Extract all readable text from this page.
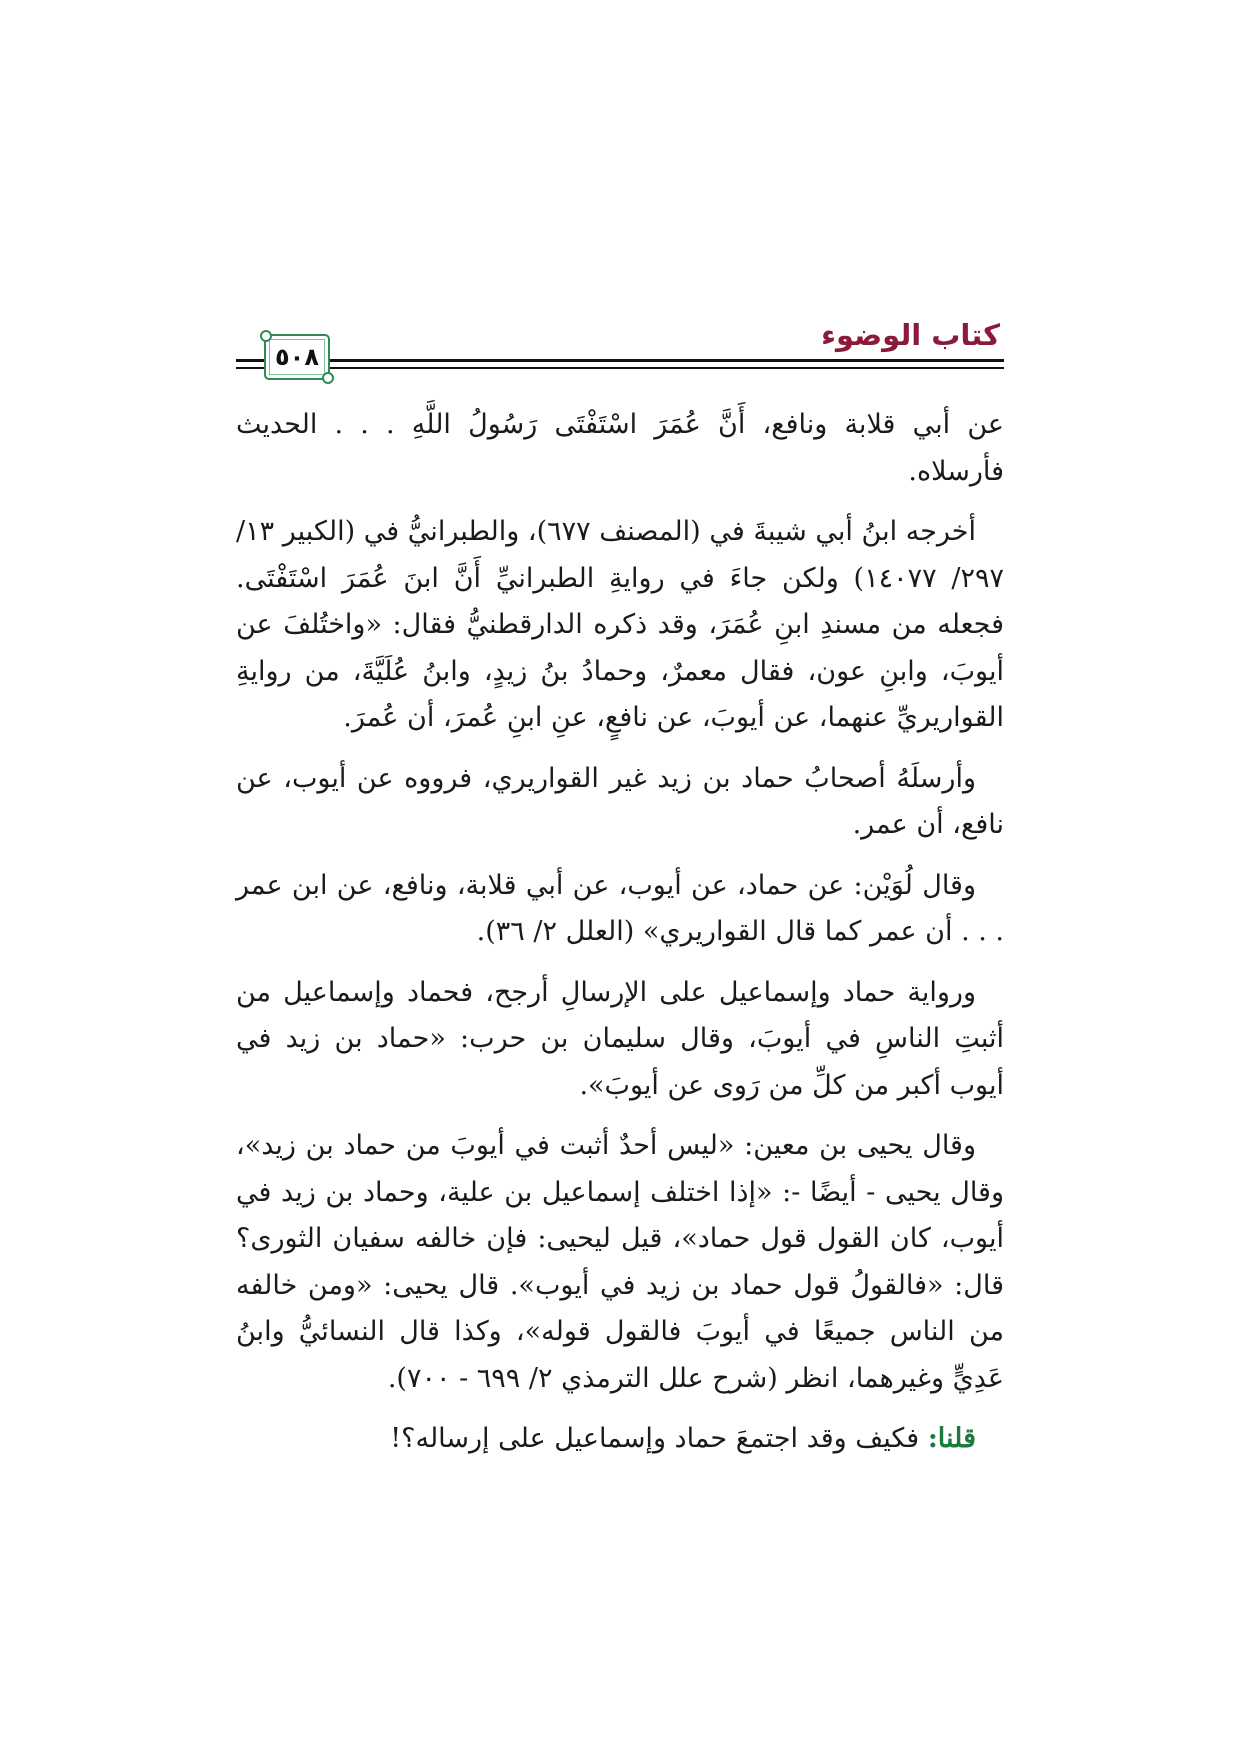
كتاب الوضوء
٥٠٨

عن أبي قلابة ونافع، أَنَّ عُمَرَ اسْتَفْتَى رَسُولُ اللَّهِ . . . الحديث فأرسلاه.

أخرجه ابنُ أبي شيبةَ في (المصنف ٦٧٧)، والطبرانيُّ في (الكبير ١٣/ ٢٩٧/ ١٤٠٧٧) ولكن جاءَ في روايةِ الطبرانيِّ أَنَّ ابنَ عُمَرَ اسْتَفْتَى. فجعله من مسندِ ابنِ عُمَرَ، وقد ذكره الدارقطنيُّ فقال: «واختُلفَ عن أيوبَ، وابنِ عون، فقال معمرٌ، وحمادُ بنُ زيدٍ، وابنُ عُلَيَّةَ، من روايةِ القواريريِّ عنهما، عن أيوبَ، عن نافعٍ، عنِ ابنِ عُمرَ، أن عُمرَ.

وأرسلَهُ أصحابُ حماد بن زيد غير القواريري، فرووه عن أيوب، عن نافع، أن عمر.

وقال لُوَيْن: عن حماد، عن أيوب، عن أبي قلابة، ونافع، عن ابن عمر . . . أن عمر كما قال القواريري» (العلل ٢/ ٣٦).

ورواية حماد وإسماعيل على الإرسالِ أرجح، فحماد وإسماعيل من أثبتِ الناسِ في أيوبَ، وقال سليمان بن حرب: «حماد بن زيد في أيوب أكبر من كلِّ من رَوى عن أيوبَ».

وقال يحيى بن معين: «ليس أحدٌ أثبت في أيوبَ من حماد بن زيد»، وقال يحيى - أيضًا -: «إذا اختلف إسماعيل بن علية، وحماد بن زيد في أيوب، كان القول قول حماد»، قيل ليحيى: فإن خالفه سفيان الثورى؟ قال: «فالقولُ قول حماد بن زيد في أيوب». قال يحيى: «ومن خالفه من الناس جميعًا في أيوبَ فالقول قوله»، وكذا قال النسائيُّ وابنُ عَدِيٍّ وغيرهما، انظر (شرح علل الترمذي ٢/ ٦٩٩ - ٧٠٠).

قلنا: فكيف وقد اجتمعَ حماد وإسماعيل على إرساله؟!
